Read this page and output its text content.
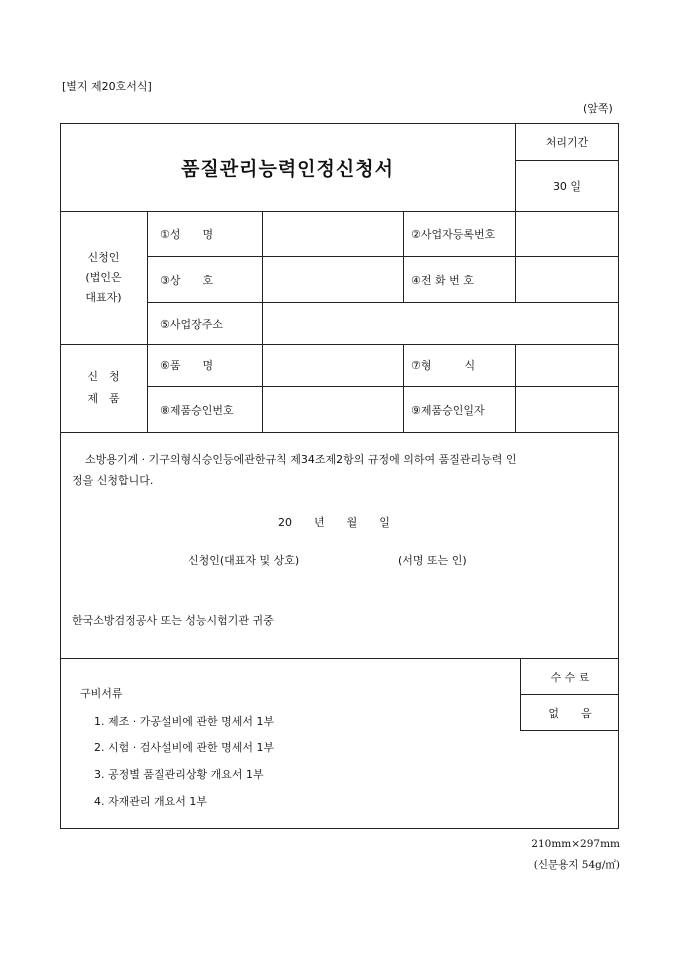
[별지 제20호서식]
(앞쪽)
품질관리능력인정신청서
처리기간
30 일
신청인
(법인은
대표자)
①성　　명	②사업자등록번호
③상　　호	④전 화 번 호
⑤사업장주소
신　청
제　품
⑥품　　명	⑦형　　　식
⑧제품승인번호	⑨제품승인일자
소방용기계 · 기구의형식승인등에관한규칙 제34조제2항의 규정에 의하여 품질관리능력 인
정을 신청합니다.
20　　년　　월　　일
신청인(대표자 및 상호)	(서명 또는 인)
한국소방검정공사 또는 성능시험기관 귀중
수 수 료
없　　음
구비서류
1. 제조 · 가공설비에 관한 명세서 1부
2. 시험 · 검사설비에 관한 명세서 1부
3. 공정별 품질관리상황 개요서 1부
4. 자재관리 개요서 1부
210mm×297mm
(신문용지 54g/㎡)
